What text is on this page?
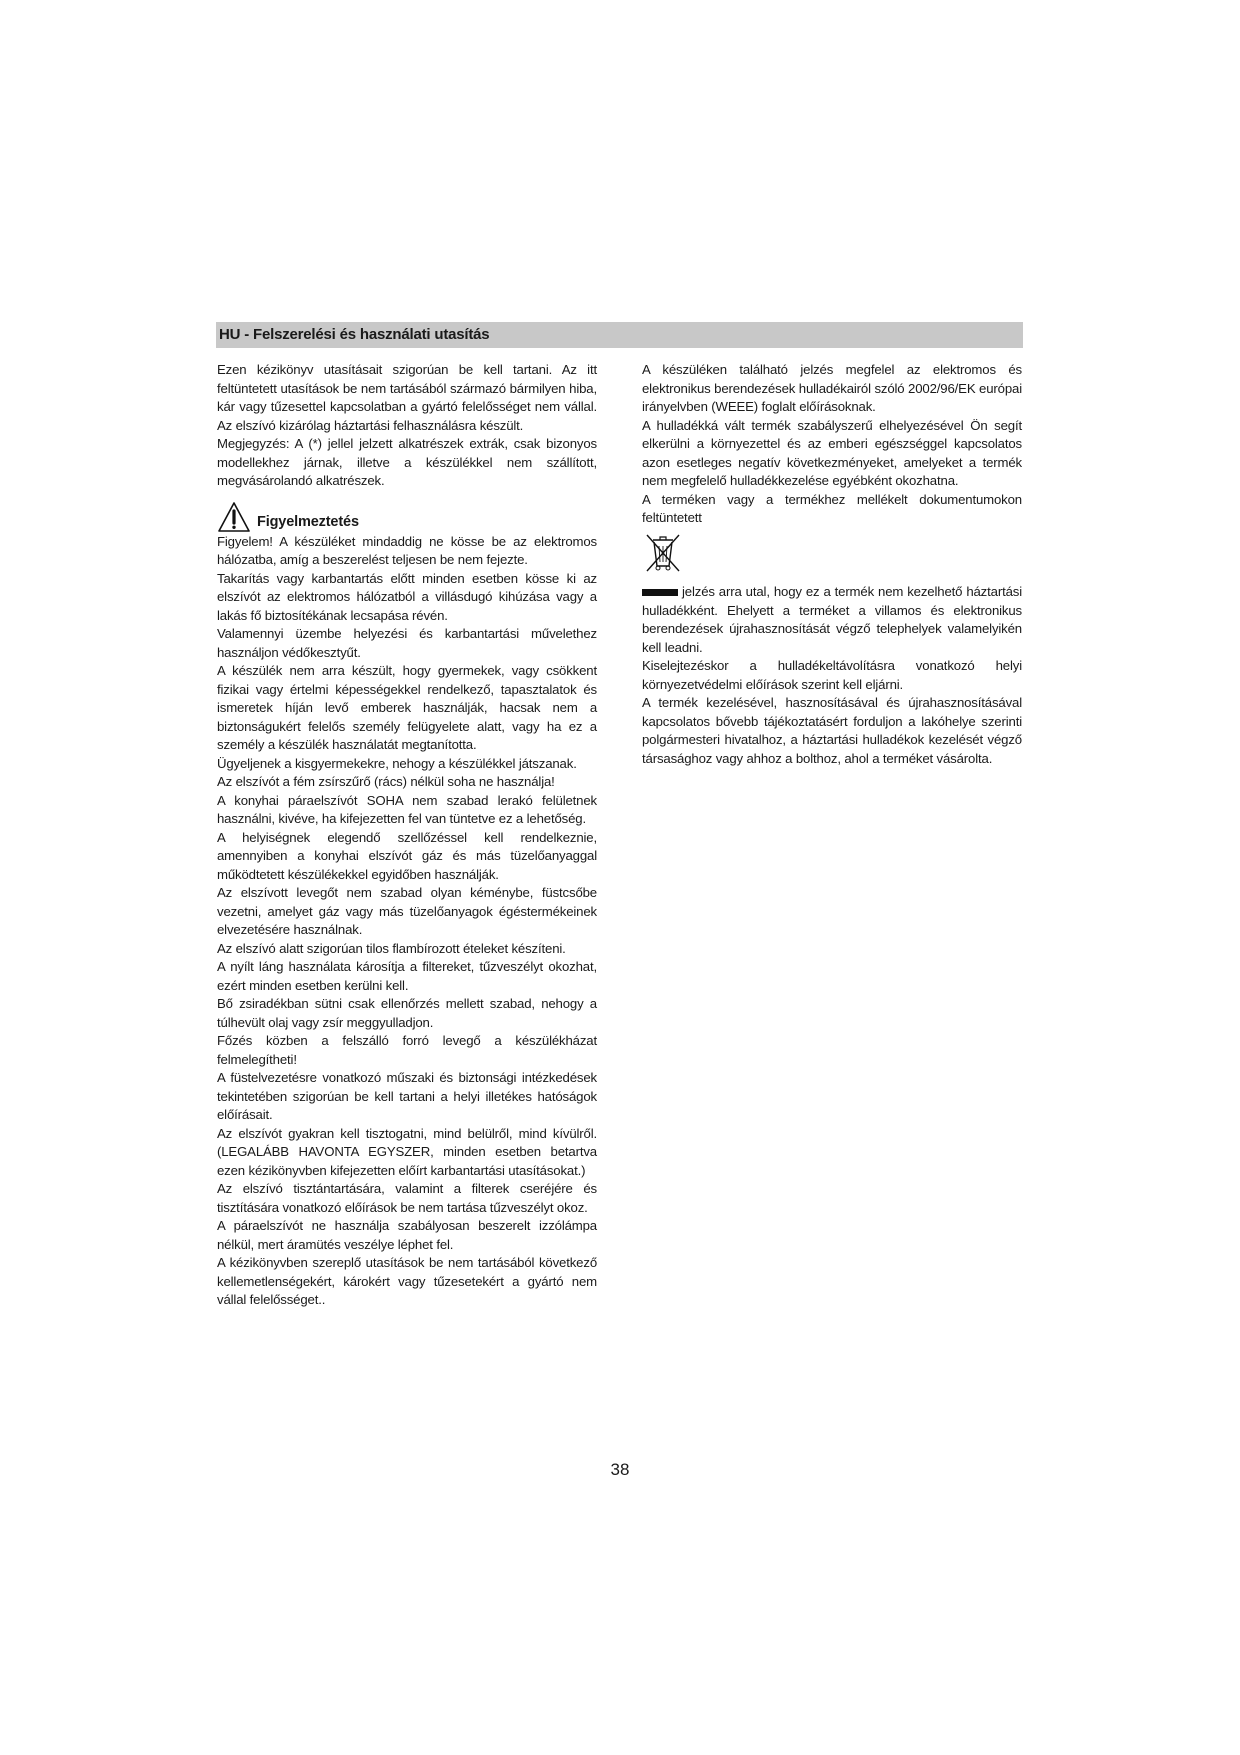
HU - Felszerelési és használati utasítás

Ezen kézikönyv utasításait szigorúan be kell tartani. Az itt feltüntetett utasítások be nem tartásából származó bármilyen hiba, kár vagy tűzesettel kapcsolatban a gyártó felelősséget nem vállal. Az elszívó kizárólag háztartási felhasználásra készült.

Megjegyzés: A (*) jellel jelzett alkatrészek extrák, csak bizonyos modellekhez járnak, illetve a készülékkel nem szállított, megvásárolandó alkatrészek.

Figyelmeztetés

Figyelem! A készüléket mindaddig ne kösse be az elektromos hálózatba, amíg a beszerelést teljesen be nem fejezte.

Takarítás vagy karbantartás előtt minden esetben kösse ki az elszívót az elektromos hálózatból a villásdugó kihúzása vagy a lakás fő biztosítékának lecsapása révén.

Valamennyi üzembe helyezési és karbantartási művelethez használjon védőkesztyűt.

A készülék nem arra készült, hogy gyermekek, vagy csökkent fizikai vagy értelmi képességekkel rendelkező, tapasztalatok és ismeretek híján levő emberek használják, hacsak nem a biztonságukért felelős személy felügyelete alatt, vagy ha ez a személy a készülék használatát megtanította.

Ügyeljenek a kisgyermekekre, nehogy a készülékkel játszanak.

Az elszívót a fém zsírszűrő (rács) nélkül soha ne használja!

A konyhai páraelszívót SOHA nem szabad lerakó felületnek használni, kivéve, ha kifejezetten fel van tüntetve ez a lehetőség.

A helyiségnek elegendő szellőzéssel kell rendelkeznie, amennyiben a konyhai elszívót gáz és más tüzelőanyaggal működtetett készülékekkel egyidőben használják.

Az elszívott levegőt nem szabad olyan kéménybe, füstcsőbe vezetni, amelyet gáz vagy más tüzelőanyagok égéstermékeinek elvezetésére használnak.

Az elszívó alatt szigorúan tilos flambírozott ételeket készíteni.

A nyílt láng használata károsítja a filtereket, tűzveszélyt okozhat, ezért minden esetben kerülni kell.

Bő zsiradékban sütni csak ellenőrzés mellett szabad, nehogy a túlhevült olaj vagy zsír meggyulladjon.

Főzés közben a felszálló forró levegő a készülékházat felmelegítheti!

A füstelvezetésre vonatkozó műszaki és biztonsági intézkedések tekintetében szigorúan be kell tartani a helyi illetékes hatóságok előírásait.

Az elszívót gyakran kell tisztogatni, mind belülről, mind kívülről. (LEGALÁBB HAVONTA EGYSZER, minden esetben betartva ezen kézikönyvben kifejezetten előírt karbantartási utasításokat.)

Az elszívó tisztántartására, valamint a filterek cseréjére és tisztítására vonatkozó előírások be nem tartása tűzveszélyt okoz.

A páraelszívót ne használja szabályosan beszerelt izzólámpa nélkül, mert áramütés veszélye léphet fel.

A kézikönyvben szereplő utasítások be nem tartásából következő kellemetlenségekért, károkért vagy tűzesetekért a gyártó nem vállal felelősséget..

A készüléken található jelzés megfelel az elektromos és elektronikus berendezések hulladékairól szóló 2002/96/EK európai irányelvben (WEEE) foglalt előírásoknak.

A hulladékká vált termék szabályszerű elhelyezésével Ön segít elkerülni a környezettel és az emberi egészséggel kapcsolatos azon esetleges negatív következményeket, amelyeket a termék nem megfelelő hulladékkezelése egyébként okozhatna.

A terméken vagy a termékhez mellékelt dokumentumokon feltüntetett

jelzés arra utal, hogy ez a termék nem kezelhető háztartási hulladékként. Ehelyett a terméket a villamos és elektronikus berendezések újrahasznosítását végző telephelyek valamelyikén kell leadni.

Kiselejtezéskor a hulladékeltávolításra vonatkozó helyi környezetvédelmi előírások szerint kell eljárni.

A termék kezelésével, hasznosításával és újrahasznosításával kapcsolatos bővebb tájékoztatásért forduljon a lakóhelye szerinti polgármesteri hivatalhoz, a háztartási hulladékok kezelését végző társasághoz vagy ahhoz a bolthoz, ahol a terméket vásárolta.

38
